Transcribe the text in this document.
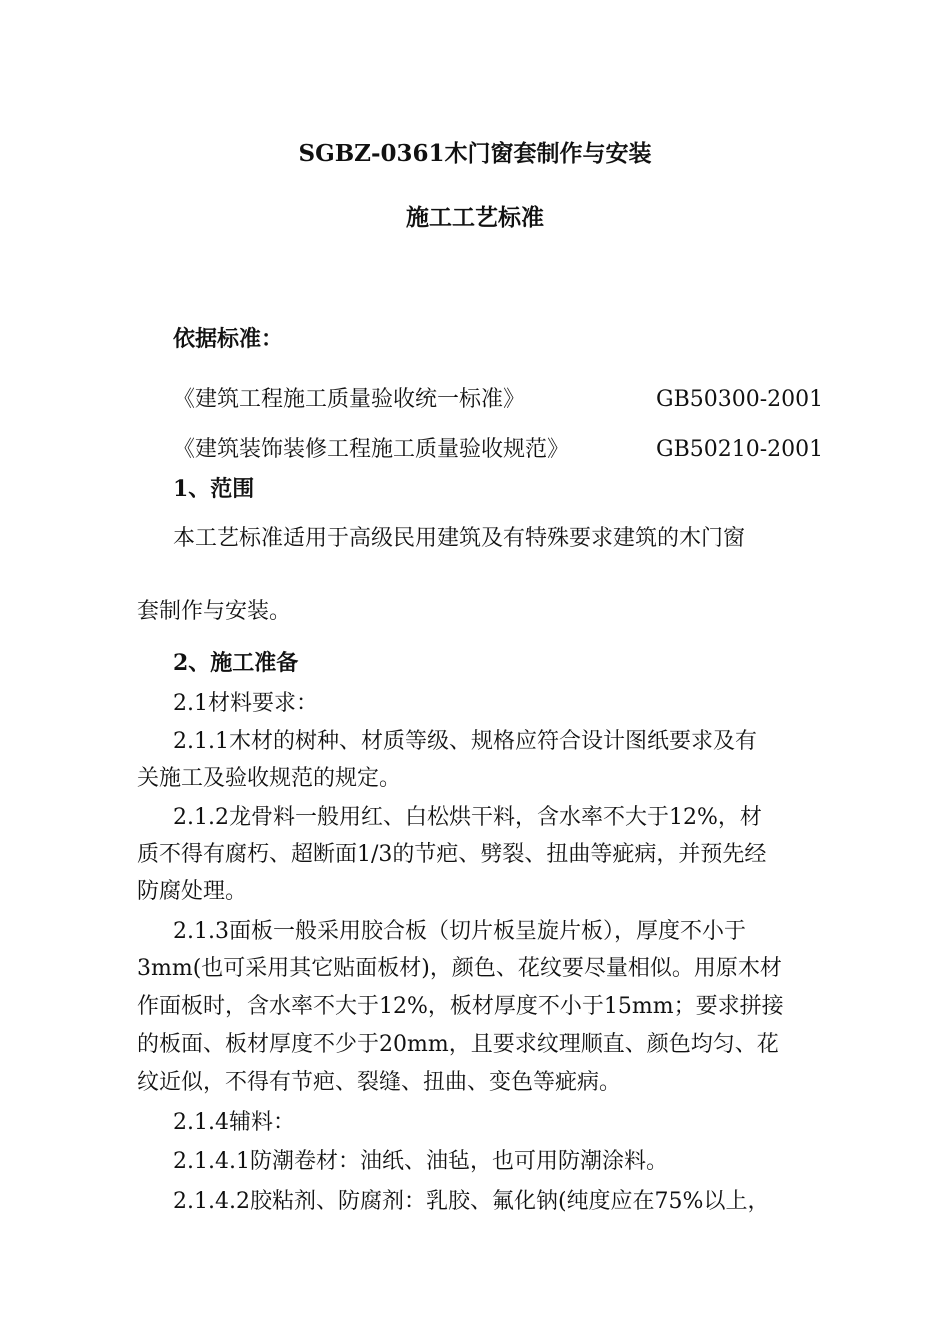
SGBZ-0361木门窗套制作与安装
施工工艺标准
依据标准：
《建筑工程施工质量验收统一标准》	GB50300-2001
《建筑装饰装修工程施工质量验收规范》	GB50210-2001
1、范围
本工艺标准适用于高级民用建筑及有特殊要求建筑的木门窗
套制作与安装。
2、施工准备
2.1材料要求：
2.1.1木材的树种、材质等级、规格应符合设计图纸要求及有
关施工及验收规范的规定。
2.1.2龙骨料一般用红、白松烘干料，含水率不大于12%，材
质不得有腐朽、超断面1/3的节疤、劈裂、扭曲等疵病，并预先经
防腐处理。
2.1.3面板一般采用胶合板（切片板呈旋片板），厚度不小于
3mm(也可采用其它贴面板材)，颜色、花纹要尽量相似。用原木材
作面板时，含水率不大于12%，板材厚度不小于15mm；要求拼接
的板面、板材厚度不少于20mm，且要求纹理顺直、颜色均匀、花
纹近似，不得有节疤、裂缝、扭曲、变色等疵病。
2.1.4辅料：
2.1.4.1防潮卷材：油纸、油毡，也可用防潮涂料。
2.1.4.2胶粘剂、防腐剂：乳胶、氟化钠(纯度应在75%以上，
